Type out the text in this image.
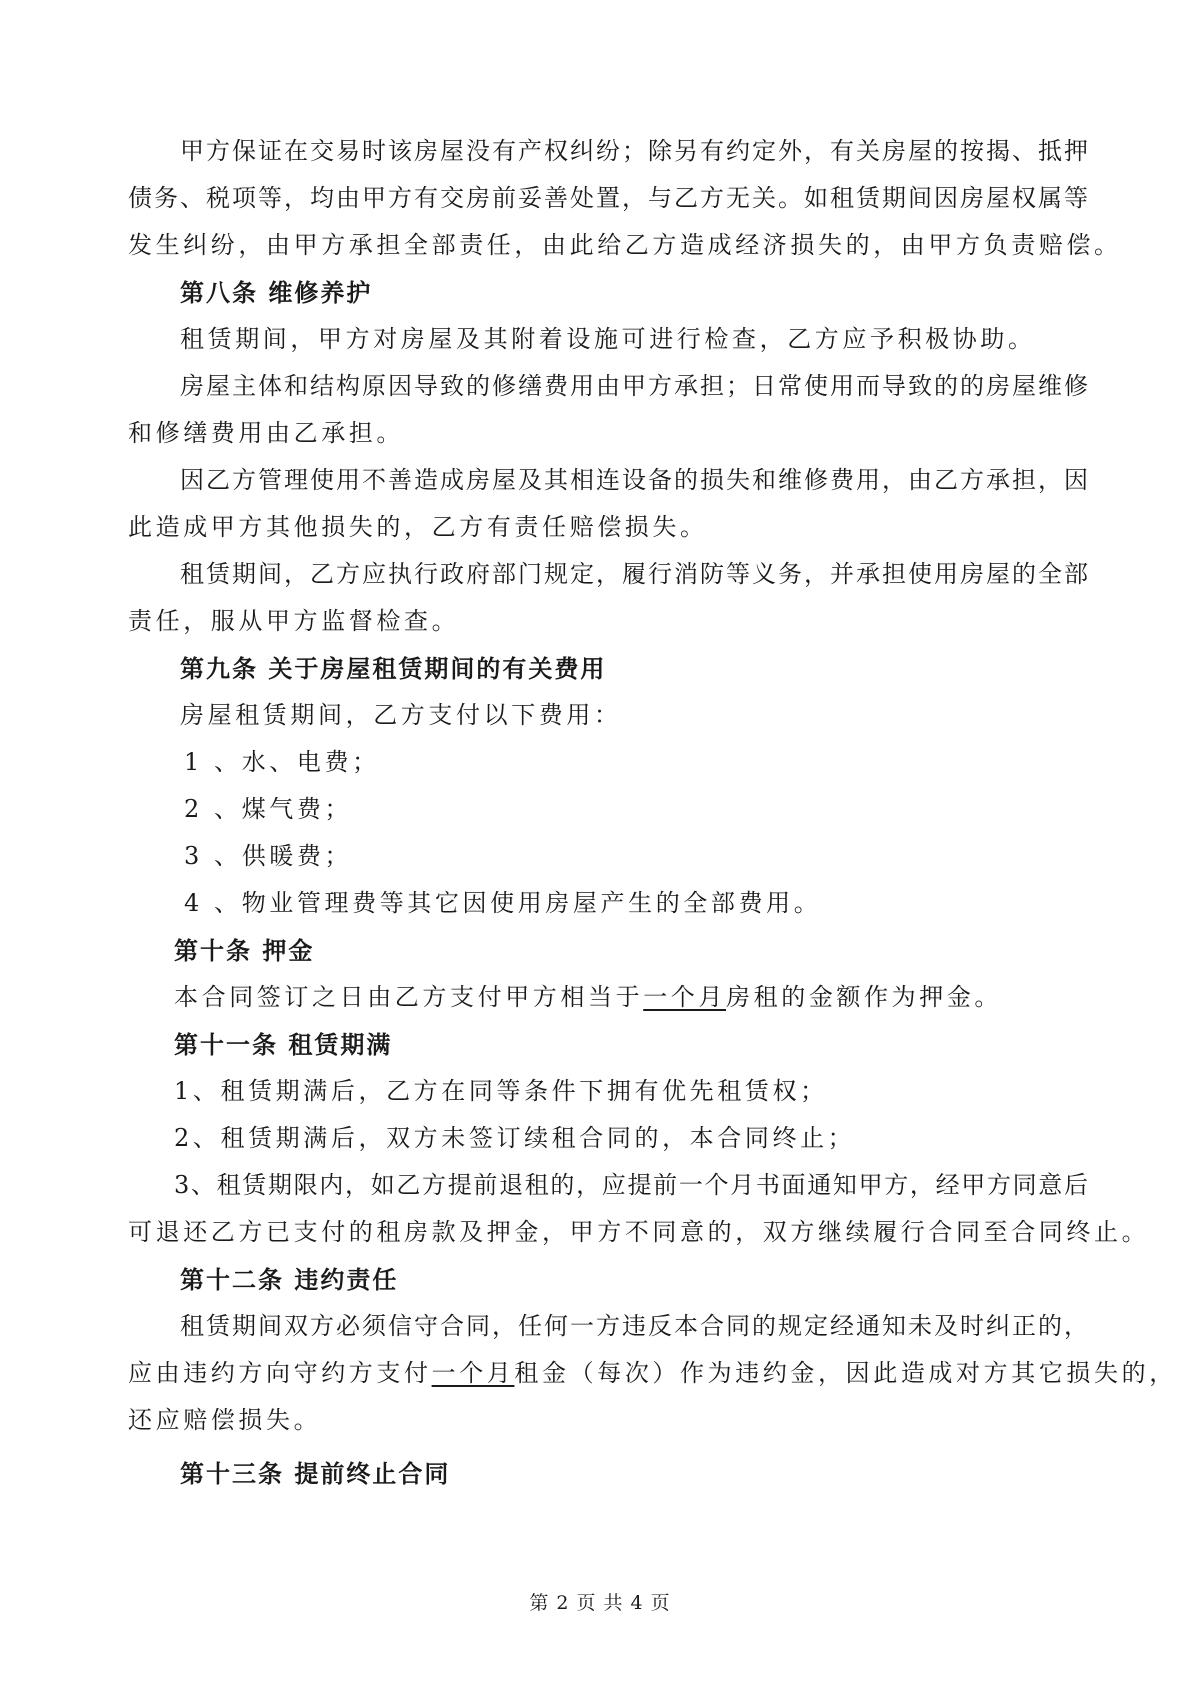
甲方保证在交易时该房屋没有产权纠纷；除另有约定外，有关房屋的按揭、抵押
债务、税项等，均由甲方有交房前妥善处置，与乙方无关。如租赁期间因房屋权属等
发生纠纷，由甲方承担全部责任，由此给乙方造成经济损失的，由甲方负责赔偿。
第八条 维修养护
租赁期间，甲方对房屋及其附着设施可进行检查，乙方应予积极协助。
房屋主体和结构原因导致的修缮费用由甲方承担；日常使用而导致的的房屋维修
和修缮费用由乙承担。
因乙方管理使用不善造成房屋及其相连设备的损失和维修费用，由乙方承担，因
此造成甲方其他损失的，乙方有责任赔偿损失。
租赁期间，乙方应执行政府部门规定，履行消防等义务，并承担使用房屋的全部
责任，服从甲方监督检查。
第九条 关于房屋租赁期间的有关费用
房屋租赁期间，乙方支付以下费用：
1 、水、电费；
2 、煤气费；
3 、供暖费；
4 、物业管理费等其它因使用房屋产生的全部费用。
第十条 押金
本合同签订之日由乙方支付甲方相当于一个月房租的金额作为押金。
第十一条 租赁期满
1、租赁期满后，乙方在同等条件下拥有优先租赁权；
2、租赁期满后，双方未签订续租合同的，本合同终止；
3、租赁期限内，如乙方提前退租的，应提前一个月书面通知甲方，经甲方同意后
可退还乙方已支付的租房款及押金，甲方不同意的，双方继续履行合同至合同终止。
第十二条 违约责任
租赁期间双方必须信守合同，任何一方违反本合同的规定经通知未及时纠正的，
应由违约方向守约方支付一个月租金（每次）作为违约金，因此造成对方其它损失的，
还应赔偿损失。
第十三条 提前终止合同
第 2 页 共 4 页
